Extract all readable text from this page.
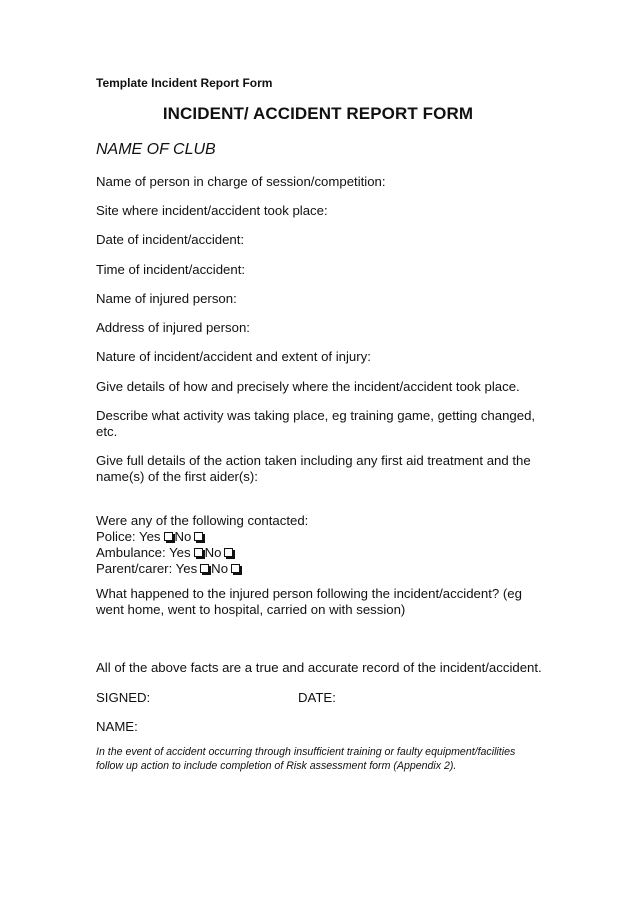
Template Incident Report Form

INCIDENT/ ACCIDENT REPORT FORM

NAME OF CLUB

Name of person in charge of session/competition:

Site where incident/accident took place:

Date of incident/accident:

Time of incident/accident:

Name of injured person:

Address of injured person:

Nature of incident/accident and extent of injury:

Give details of how and precisely where the incident/accident took place.

Describe what activity was taking place, eg training game, getting changed, etc.

Give full details of the action taken including any first aid treatment and the name(s) of the first aider(s):

Were any of the following contacted:
Police: Yes No
Ambulance: Yes No
Parent/carer: Yes No

What happened to the injured person following the incident/accident? (eg went home, went to hospital, carried on with session)

All of the above facts are a true and accurate record of the incident/accident.

SIGNED:	DATE:

NAME:

In the event of accident occurring through insufficient training or faulty equipment/facilities follow up action to include completion of Risk assessment form (Appendix 2).
